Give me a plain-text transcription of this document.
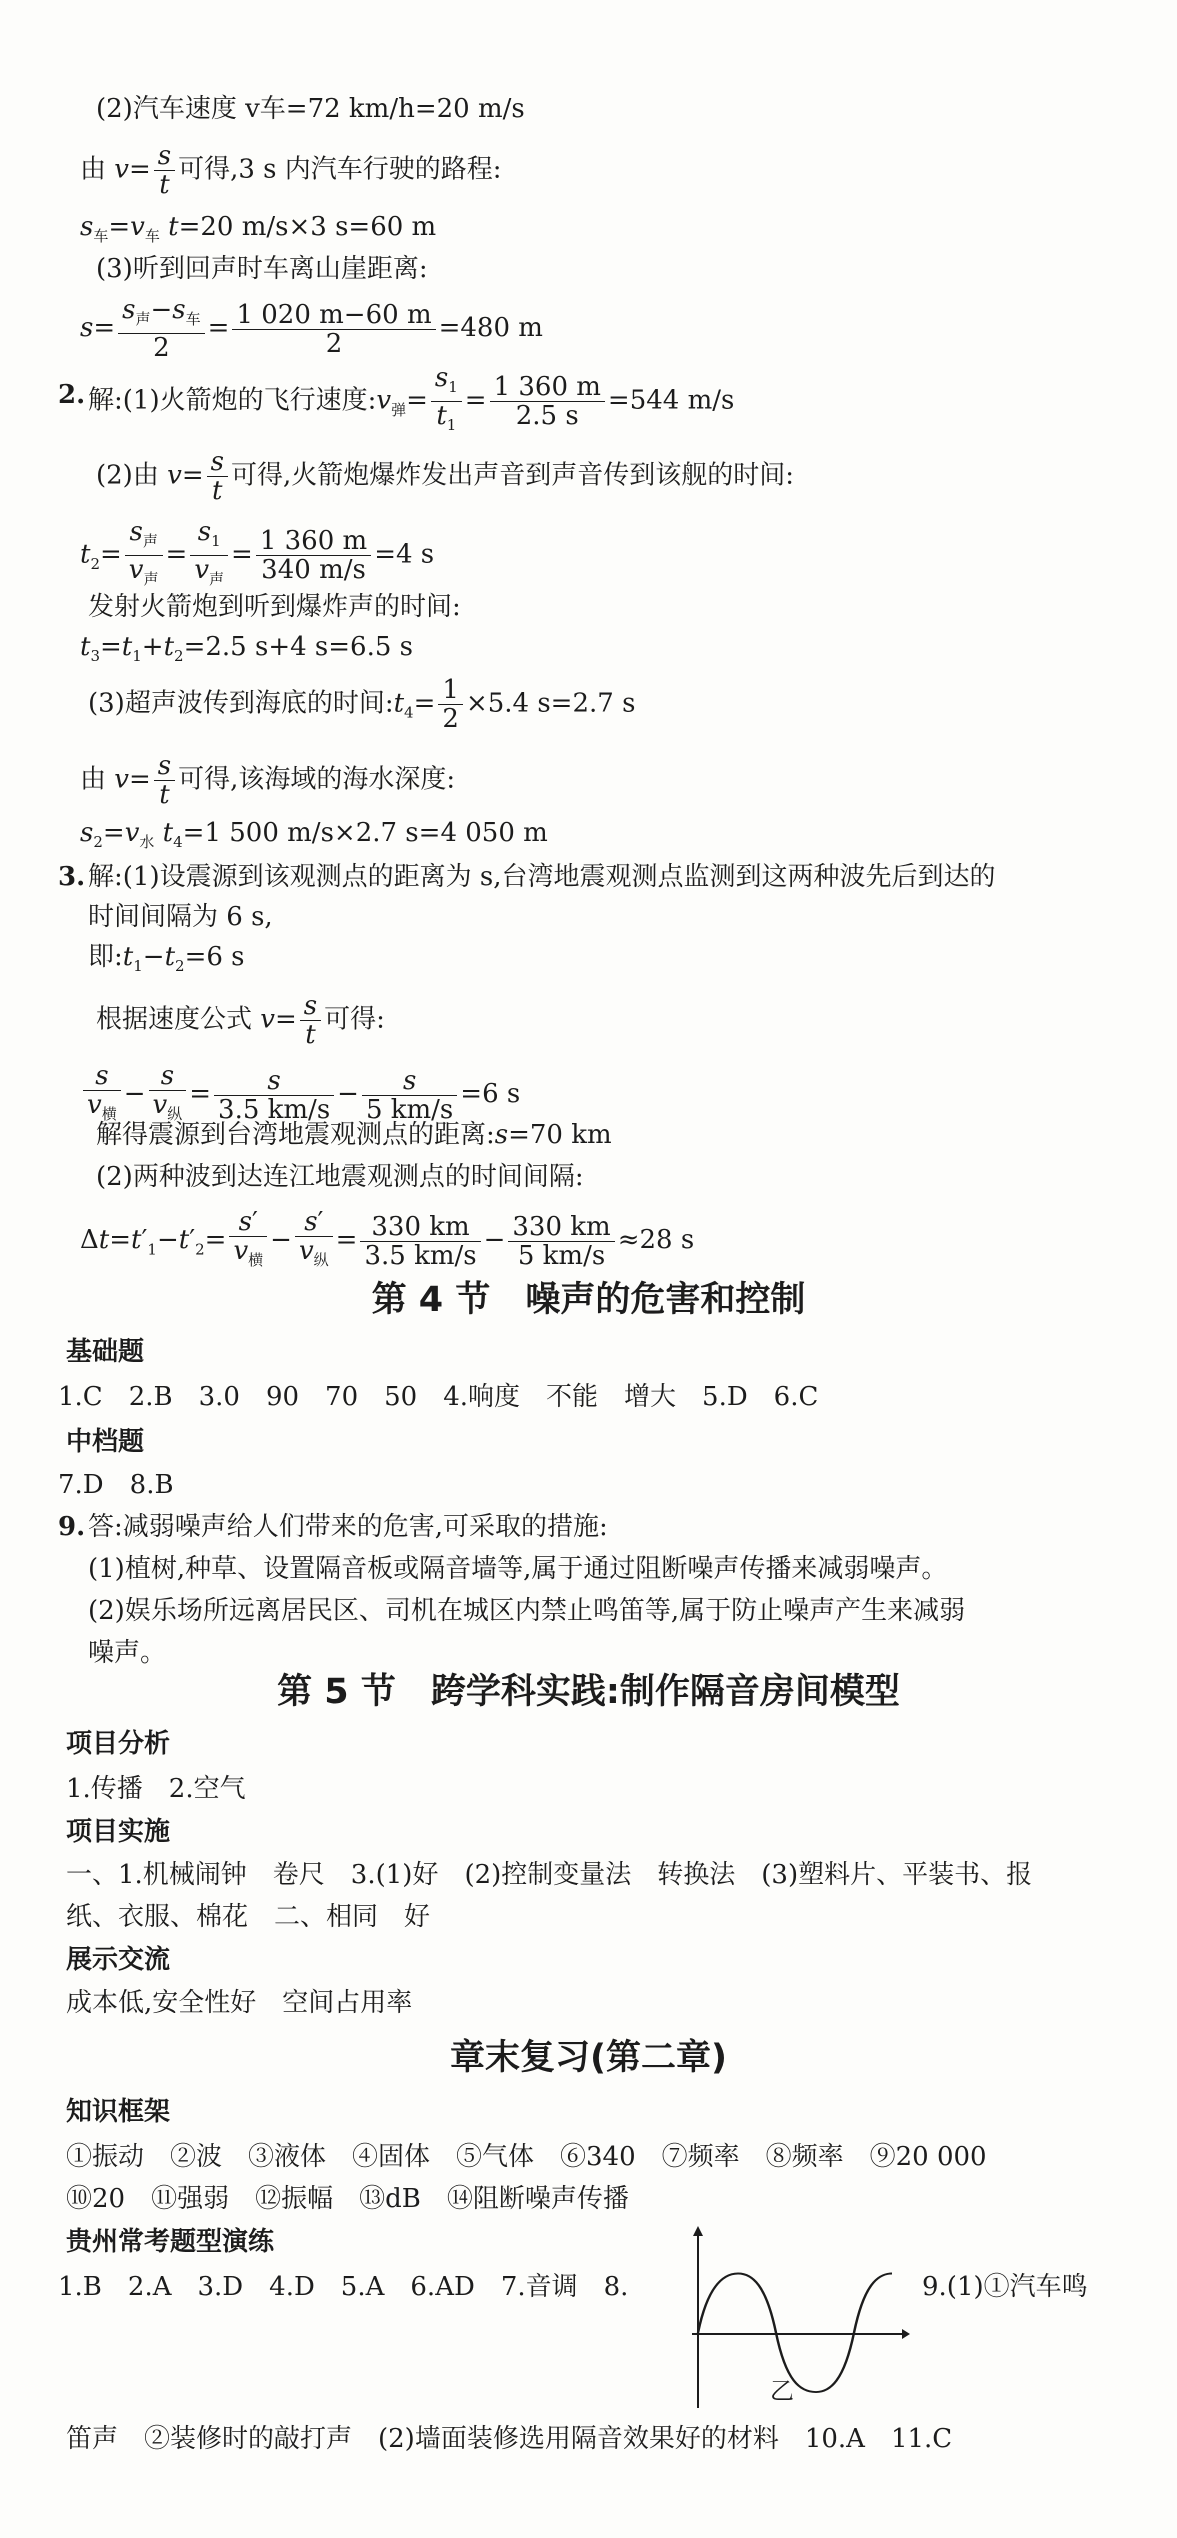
(2)汽车速度 v车=72 km/h=20 m/s
由 $v= \frac{s}{t}$ 可得,3 s 内汽车行驶的路程:
$s_车=v_车$ t=20 m/s×3 s=60 m
(3)听到回声时车离山崖距离:
$s= \frac{s_声-s_车}{2} = \frac{1 020 m-60 m}{2} =480$ m
2. 解:(1)火箭炮的飞行速度$:v_弹= \frac{s_1}{t_1} = \frac{1 360 m}{2.5 s} =544$ m/s
(2)由 $v= \frac{s}{t}$ 可得,火箭炮爆炸发出声音到声音传到该舰的时间:
$t_2= \frac{s_声}{v_声} = \frac{s_1}{v_声} = \frac{1 360 m}{340 m/s} =4$ s
发射火箭炮到听到爆炸声的时间:
$t_3=t_1+t_2=2.5$ s+4 s=6.5 s
(3)超声波传到海底的时间$:t_4= \frac{1}{2} \times 5.4$ s=2.7 s
由 $v= \frac{s}{t}$ 可得,该海域的海水深度:
$s_2=v_水$ $t_4=1$ 500 m/s×2.7 s=4 050 m
3. 解:(1)设震源到该观测点的距离为 s,台湾地震观测点监测到这两种波先后到达的
时间间隔为 6 s,
即$:t_1-t_2=6$ s
根据速度公式 $v= \frac{s}{t}$ 可得:
$\frac{s}{v_横} - \frac{s}{v_纵} = \frac{s}{3.5 km/s} - \frac{s}{5 km/s} =6$ s
解得震源到台湾地震观测点的距离:s=70 km
(2)两种波到达连江地震观测点的时间间隔:
$\Delta t=t'_1-t'_2= \frac{s'}{v_横} - \frac{s'}{v_纵} = \frac{330 km}{3.5 km/s} - \frac{330 km}{5 km/s} \approx 28$ s
第 4 节　噪声的危害和控制
基础题
1.C　2.B　3.0　90　70　50　4.响度　不能　增大　5.D　6.C
中档题
7.D　8.B
9. 答:减弱噪声给人们带来的危害,可采取的措施:
(1)植树,种草、设置隔音板或隔音墙等,属于通过阻断噪声传播来减弱噪声。
(2)娱乐场所远离居民区、司机在城区内禁止鸣笛等,属于防止噪声产生来减弱
噪声。
第 5 节　跨学科实践:制作隔音房间模型
项目分析
1.传播　2.空气
项目实施
一、1.机械闹钟　卷尺　3.(1)好　(2)控制变量法　转换法　(3)塑料片、平装书、报
纸、衣服、棉花　二、相同　好
展示交流
成本低,安全性好　空间占用率
章末复习(第二章)
知识框架
①振动　②波　③液体　④固体　⑤气体　⑥340　⑦频率　⑧频率　⑨20 000
⑩20　⑪强弱　⑫振幅　⑬dB　⑭阻断噪声传播
贵州常考题型演练
1.B　2.A　3.D　4.D　5.A　6.AD　7.音调　8.	9.(1)①汽车鸣
乙
笛声　②装修时的敲打声　(2)墙面装修选用隔音效果好的材料　10.A　11.C
